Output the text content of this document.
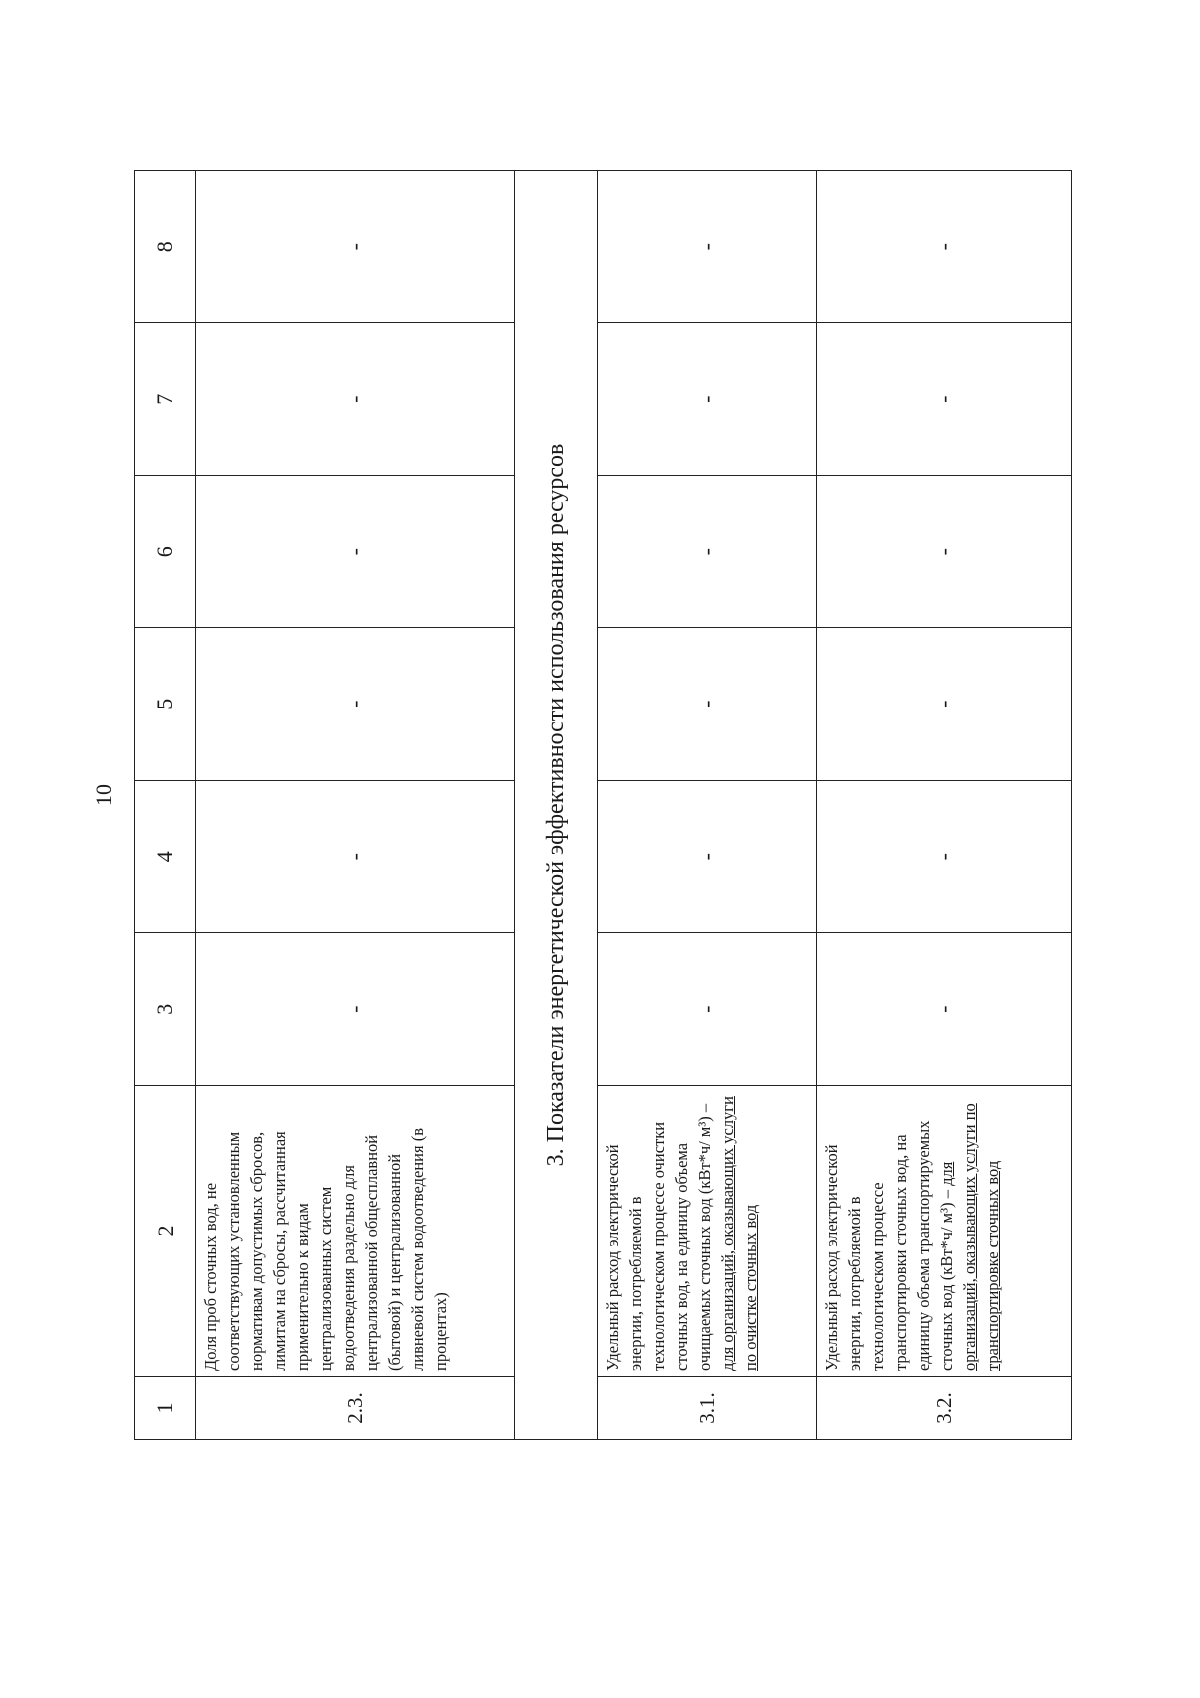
10
1	2	3	4	5	6	7	8
2.3.	Доля проб сточных вод, не соответствующих установленным нормативам допустимых сбросов, лимитам на сбросы, рассчитанная применительно к видам централизованных систем водоотведения раздельно для централизованной общесплавной (бытовой) и централизованной ливневой систем водоотведения (в процентах)	-	-	-	-	-	-
3. Показатели энергетической эффективности использования ресурсов							
3.1.	Удельный расход электрической энергии, потребляемой в технологическом процессе очистки сточных вод, на единицу объема очищаемых сточных вод (кВт*ч/ м³) – для организаций, оказывающих услуги по очистке сточных вод	-	-	-	-	-	-
3.2.	Удельный расход электрической энергии, потребляемой в технологическом процессе транспортировки сточных вод, на единицу объема транспортируемых сточных вод (кВт*ч/ м³) – для организаций, оказывающих услуги по транспортировке сточных вод	-	-	-	-	-	-
